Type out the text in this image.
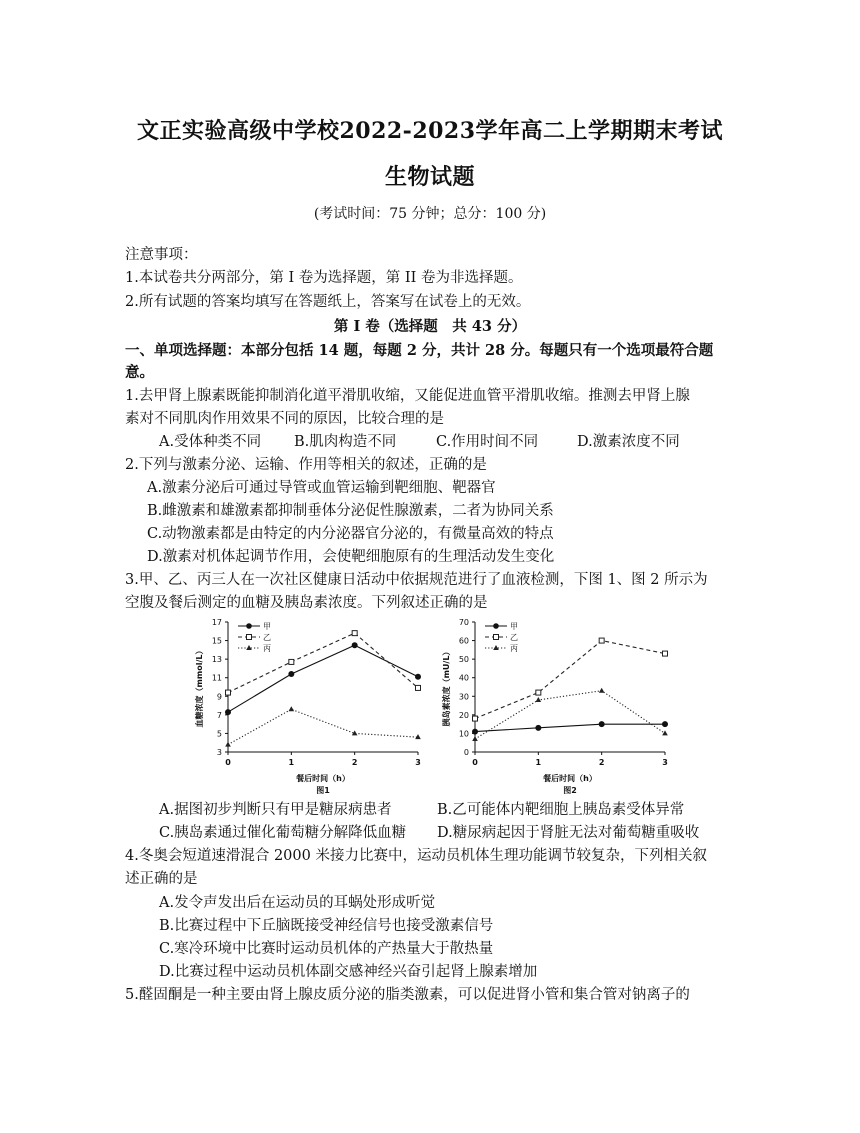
文正实验高级中学校2022-2023学年高二上学期期末考试
生物试题
(考试时间：75 分钟；总分：100 分)
注意事项：
1.本试卷共分两部分，第 I 卷为选择题，第 II 卷为非选择题。
2.所有试题的答案均填写在答题纸上，答案写在试卷上的无效。
第 I 卷（选择题　共 43 分）
一、单项选择题：本部分包括 14 题，每题 2 分，共计 28 分。每题只有一个选项最符合题
意。
1.去甲肾上腺素既能抑制消化道平滑肌收缩，又能促进血管平滑肌收缩。推测去甲肾上腺
素对不同肌肉作用效果不同的原因，比较合理的是
A.受体种类不同 B.肌肉构造不同	C.作用时间不同	D.激素浓度不同
2.下列与激素分泌、运输、作用等相关的叙述，正确的是
A.激素分泌后可通过导管或血管运输到靶细胞、靶器官
B.雌激素和雄激素都抑制垂体分泌促性腺激素，二者为协同关系
C.动物激素都是由特定的内分泌器官分泌的，有微量高效的特点
D.激素对机体起调节作用，会使靶细胞原有的生理活动发生变化
3.甲、乙、丙三人在一次社区健康日活动中依据规范进行了血液检测，下图 1、图 2 所示为
空腹及餐后测定的血糖及胰岛素浓度。下列叙述正确的是
3
5
7
9
11
13
15
17
0	1	2	3
餐后时间（h）
图1
血糖浓度（mmol/L）
甲
乙
丙
0
10
20
30
40
50
60
70
0	1	2	3
餐后时间（h）
图2
胰岛素浓度（mU/L）
甲
乙
丙
A.据图初步判断只有甲是糖尿病患者	B.乙可能体内靶细胞上胰岛素受体异常
C.胰岛素通过催化葡萄糖分解降低血糖 D.糖尿病起因于肾脏无法对葡萄糖重吸收
4.冬奥会短道速滑混合 2000 米接力比赛中，运动员机体生理功能调节较复杂，下列相关叙
述正确的是
A.发令声发出后在运动员的耳蜗处形成听觉
B.比赛过程中下丘脑既接受神经信号也接受激素信号
C.寒冷环境中比赛时运动员机体的产热量大于散热量
D.比赛过程中运动员机体副交感神经兴奋引起肾上腺素增加
5.醛固酮是一种主要由肾上腺皮质分泌的脂类激素，可以促进肾小管和集合管对钠离子的
